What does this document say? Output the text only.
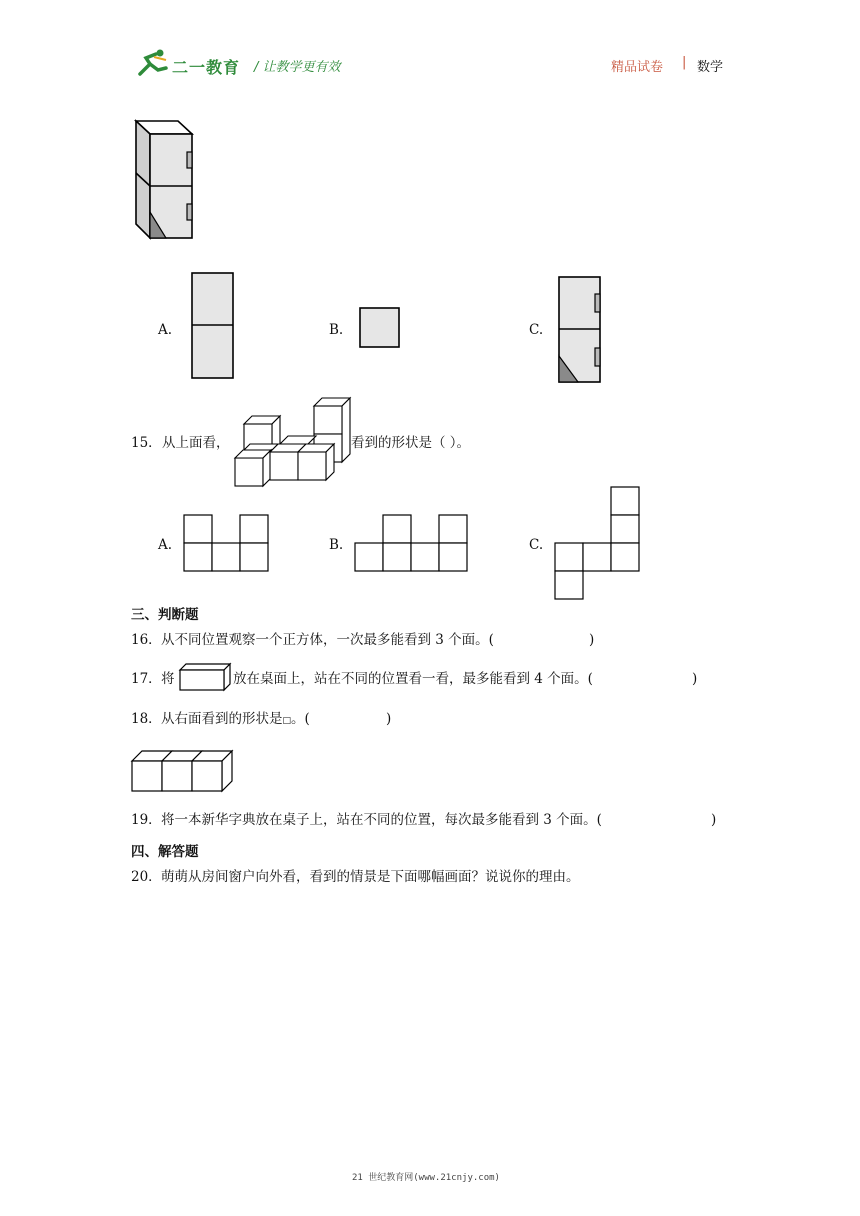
二一教育 / 让教学更有效	精品试卷 | 数学
A.	B.	C.
15． 从上面看，	看到的形状是（ ）。
A.	B.	C.
三、判断题
16． 从不同位置观察一个正方体，一次最多能看到 3 个面。(	)
17． 将	放在桌面上，站在不同的位置看一看，最多能看到 4 个面。(	)
18． 从右面看到的形状是□。(	)
19． 将一本新华字典放在桌子上，站在不同的位置，每次最多能看到 3 个面。(	)
四、解答题
20． 萌萌从房间窗户向外看，看到的情景是下面哪幅画面？说说你的理由。
21 世纪教育网(www.21cnjy.com)
